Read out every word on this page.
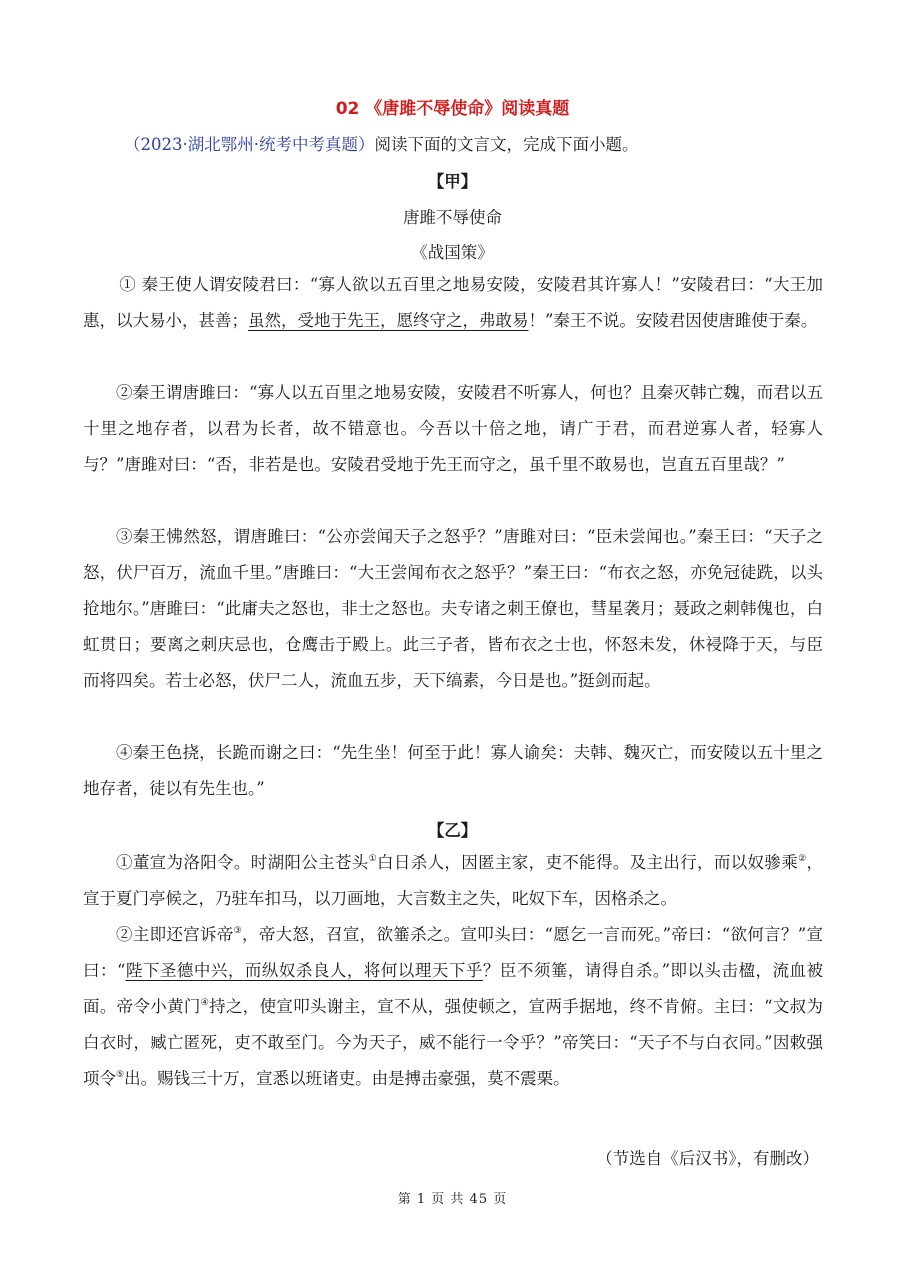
02 《唐雎不辱使命》阅读真题
（2023·湖北鄂州·统考中考真题）阅读下面的文言文，完成下面小题。
【甲】
唐雎不辱使命
《战国策》
① 秦王使人谓安陵君曰：“寡人欲以五百里之地易安陵，安陵君其许寡人！”安陵君曰：“大王加惠，以大易小，甚善；虽然，受地于先王，愿终守之，弗敢易！”秦王不说。安陵君因使唐雎使于秦。
②秦王谓唐雎曰：“寡人以五百里之地易安陵，安陵君不听寡人，何也？且秦灭韩亡魏，而君以五十里之地存者，以君为长者，故不错意也。今吾以十倍之地，请广于君，而君逆寡人者，轻寡人与？”唐雎对曰：“否，非若是也。安陵君受地于先王而守之，虽千里不敢易也，岂直五百里哉？”
③秦王怫然怒，谓唐雎曰：“公亦尝闻天子之怒乎？”唐雎对曰：“臣未尝闻也。”秦王曰：“天子之怒，伏尸百万，流血千里。”唐雎曰：“大王尝闻布衣之怒乎？”秦王曰：“布衣之怒，亦免冠徒跣，以头抢地尔。”唐雎曰：“此庸夫之怒也，非士之怒也。夫专诸之刺王僚也，彗星袭月；聂政之刺韩傀也，白虹贯日；要离之刺庆忌也，仓鹰击于殿上。此三子者，皆布衣之士也，怀怒未发，休祲降于天，与臣而将四矣。若士必怒，伏尸二人，流血五步，天下缟素，今日是也。”挺剑而起。
④秦王色挠，长跪而谢之曰：“先生坐！何至于此！寡人谕矣：夫韩、魏灭亡，而安陵以五十里之地存者，徒以有先生也。”
【乙】
①董宣为洛阳令。时湖阳公主苍头①白日杀人，因匿主家，吏不能得。及主出行，而以奴骖乘②，宣于夏门亭候之，乃驻车扣马，以刀画地，大言数主之失，叱奴下车，因格杀之。
②主即还宫诉帝③，帝大怒，召宣，欲箠杀之。宣叩头曰：“愿乞一言而死。”帝曰：“欲何言？”宣曰：“陛下圣德中兴，而纵奴杀良人，将何以理天下乎？臣不须箠，请得自杀。”即以头击楹，流血被面。帝令小黄门④持之，使宣叩头谢主，宣不从，强使顿之，宣两手据地，终不肯俯。主曰：“文叔为白衣时，臧亡匿死，吏不敢至门。今为天子，威不能行一令乎？”帝笑曰：“天子不与白衣同。”因敕强项令⑤出。赐钱三十万，宣悉以班诸吏。由是搏击豪强，莫不震栗。
（节选自《后汉书》，有删改）
第 1 页 共 45 页
